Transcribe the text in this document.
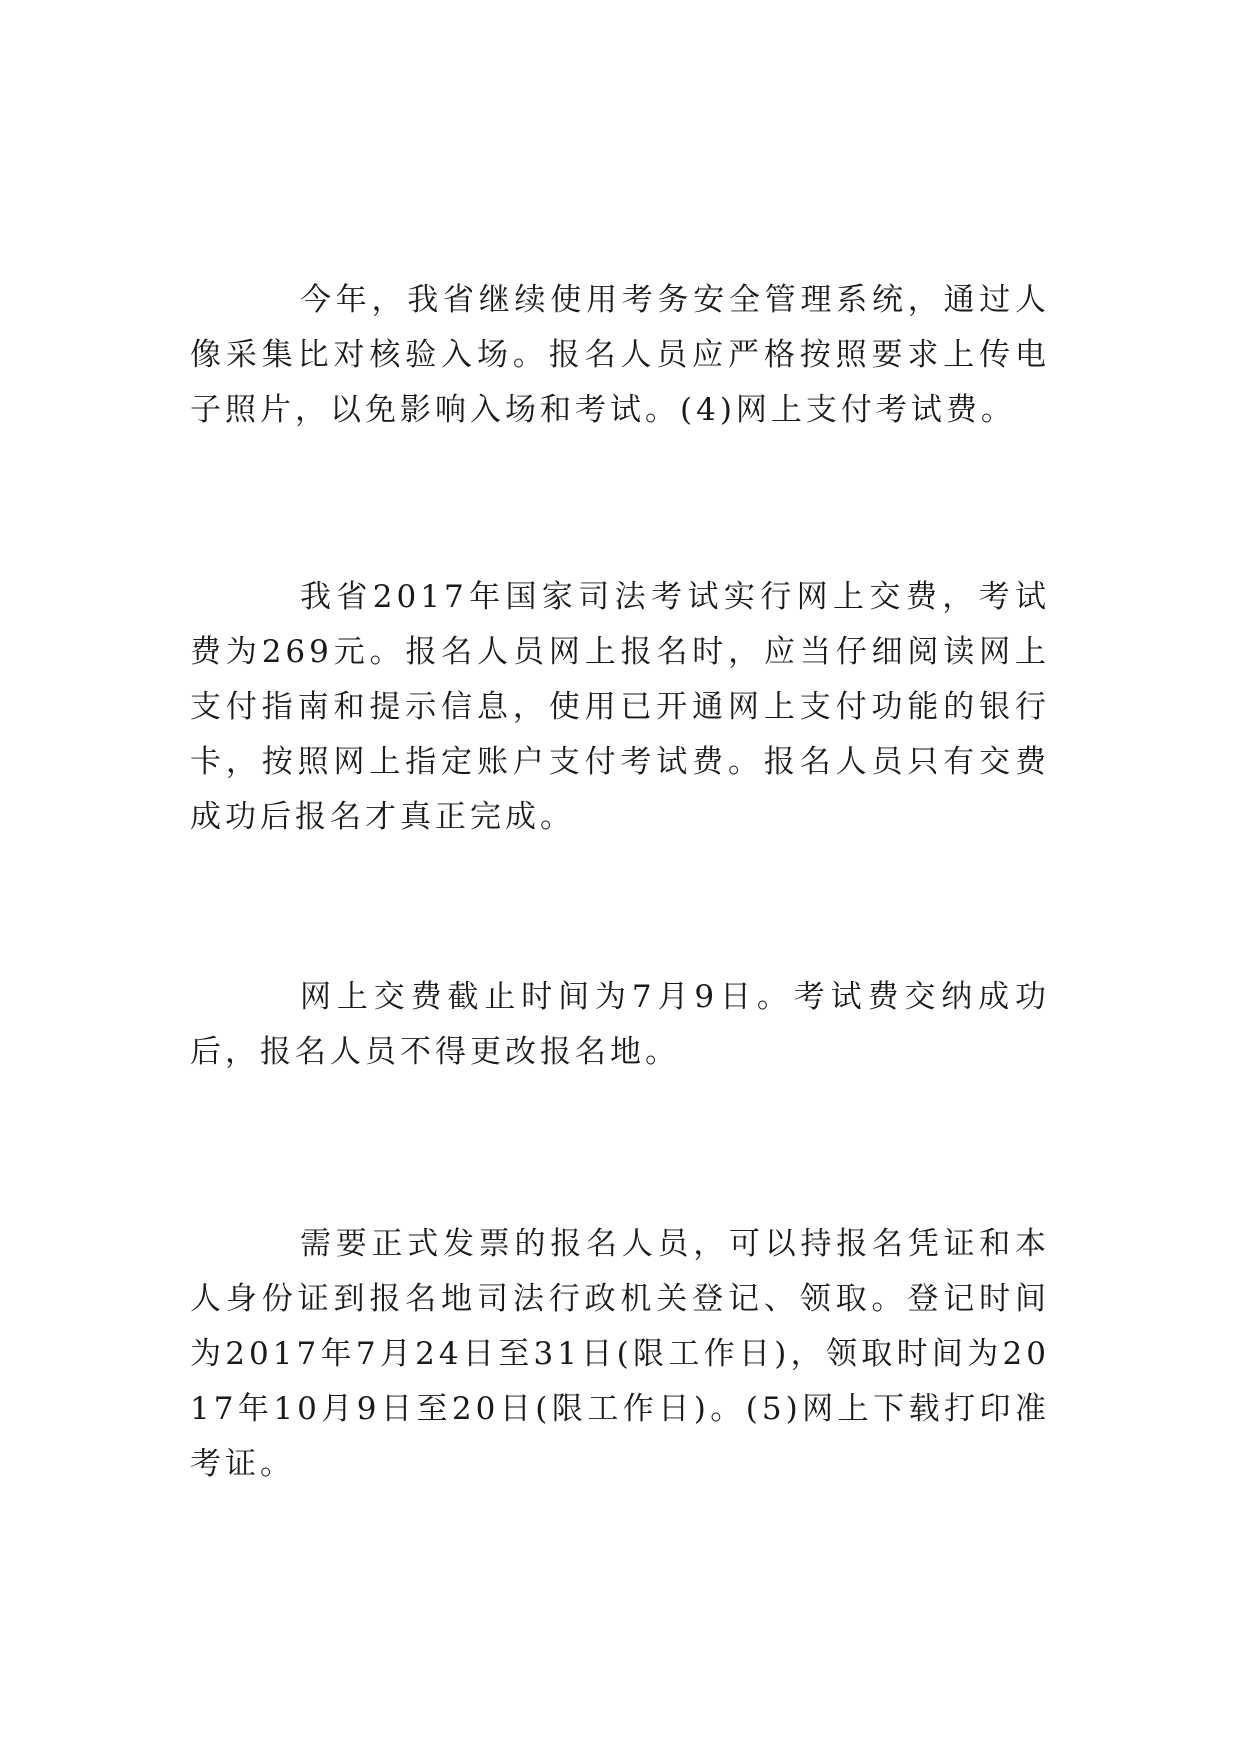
今年，我省继续使用考务安全管理系统，通过人像采集比对核验入场。报名人员应严格按照要求上传电子照片，以免影响入场和考试。(4)网上支付考试费。

我省2017年国家司法考试实行网上交费，考试费为269元。报名人员网上报名时，应当仔细阅读网上支付指南和提示信息，使用已开通网上支付功能的银行卡，按照网上指定账户支付考试费。报名人员只有交费成功后报名才真正完成。

网上交费截止时间为7月9日。考试费交纳成功后，报名人员不得更改报名地。

需要正式发票的报名人员，可以持报名凭证和本人身份证到报名地司法行政机关登记、领取。登记时间为2017年7月24日至31日(限工作日)，领取时间为2017年10月9日至20日(限工作日)。(5)网上下载打印准考证。
